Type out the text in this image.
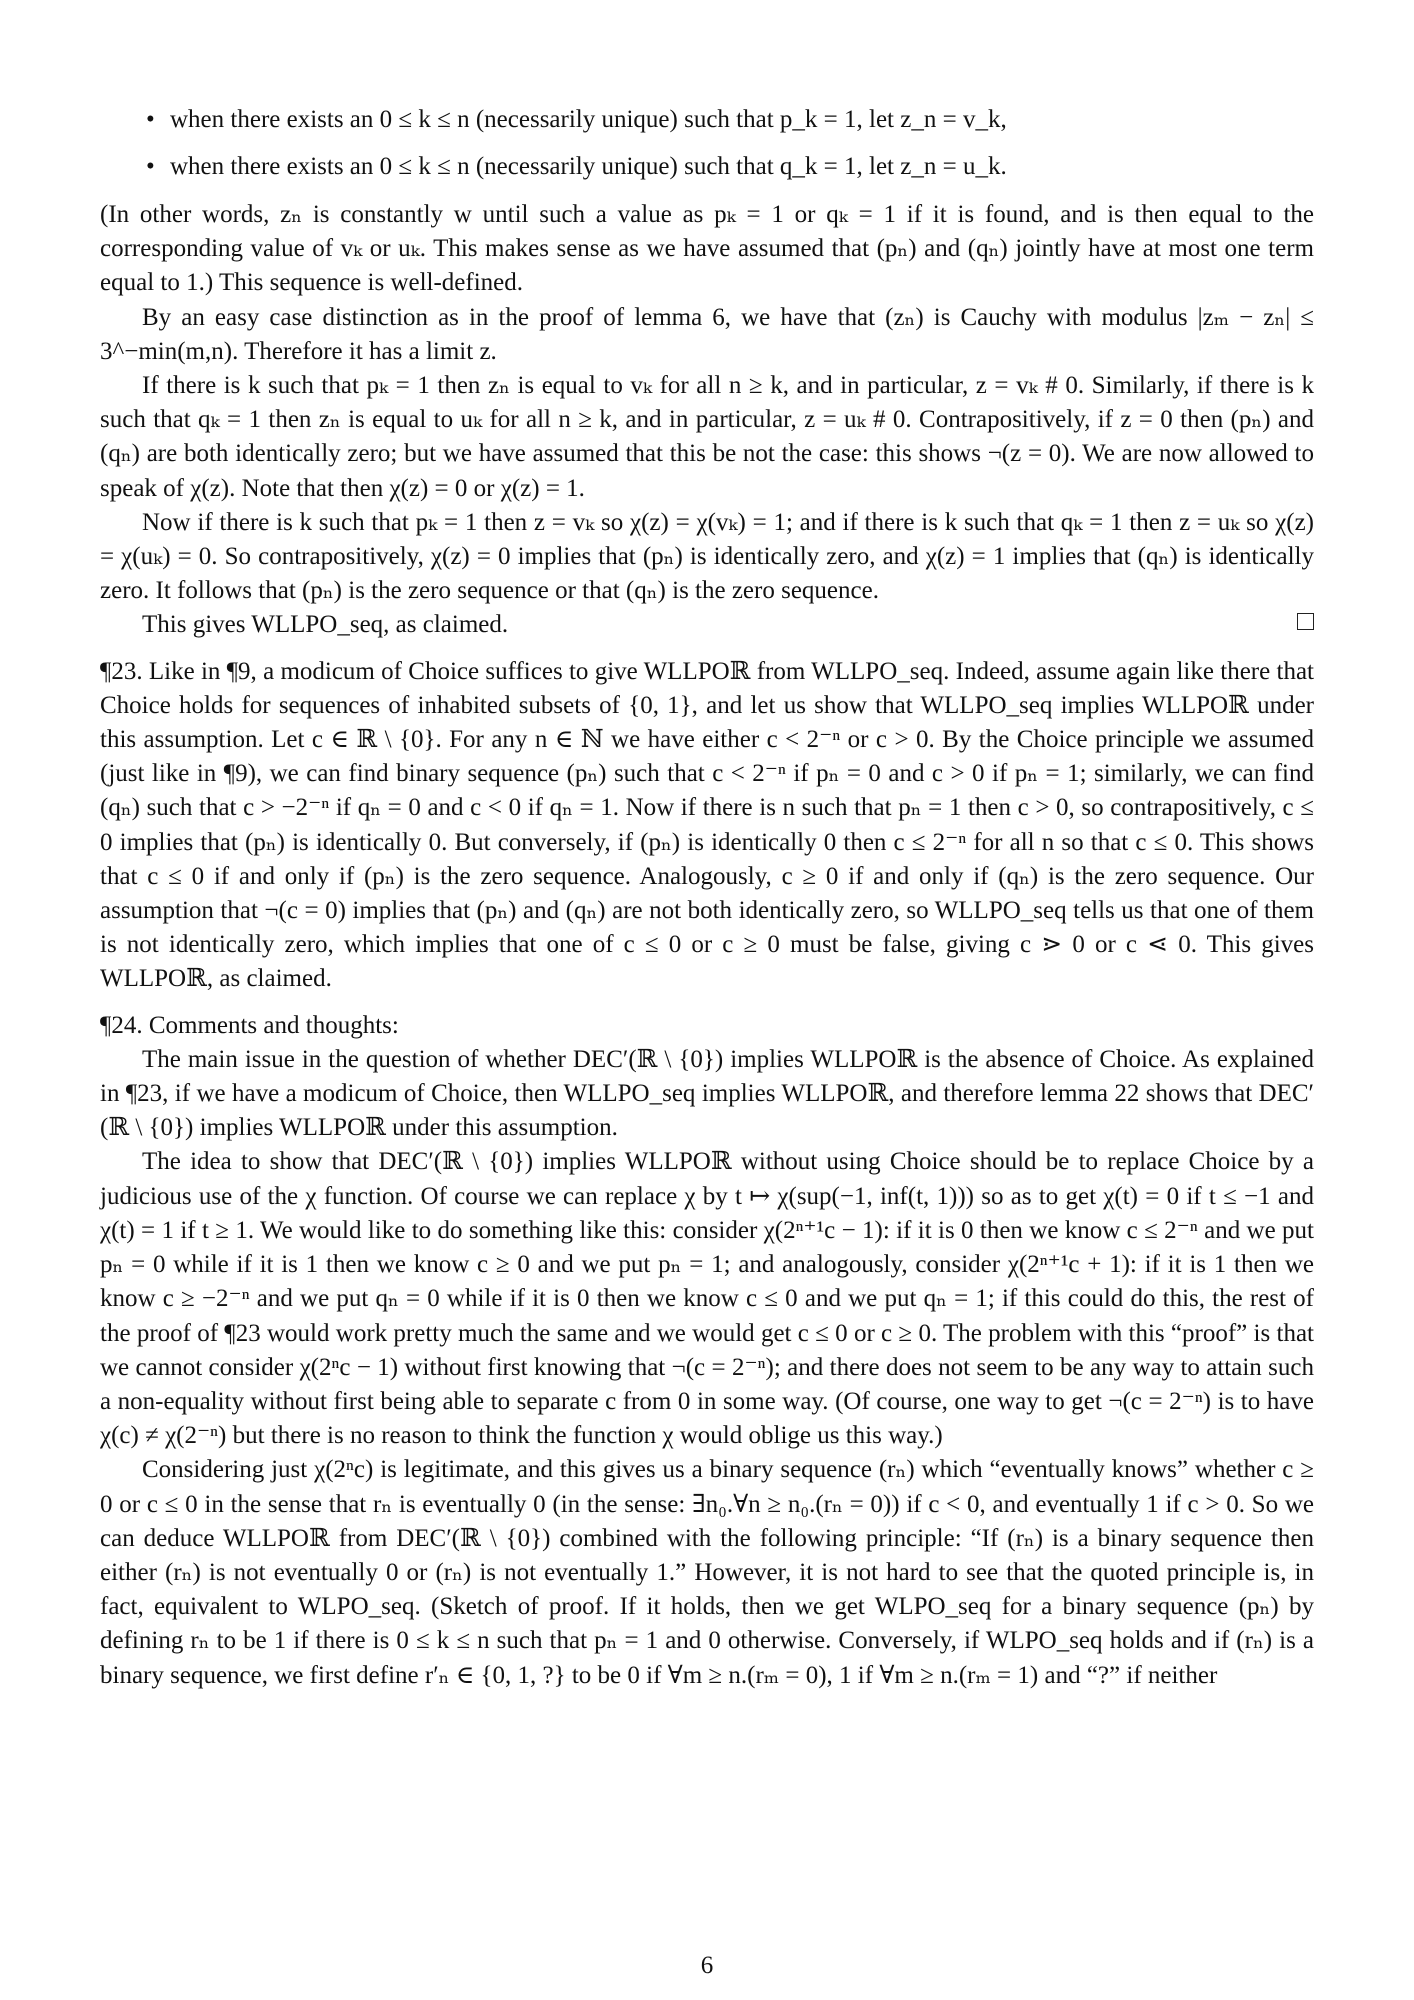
• when there exists an 0 ≤ k ≤ n (necessarily unique) such that p_k = 1, let z_n = v_k,
• when there exists an 0 ≤ k ≤ n (necessarily unique) such that q_k = 1, let z_n = u_k.

(In other words, zₙ is constantly w until such a value as pₖ = 1 or qₖ = 1 if it is found, and is then equal to the corresponding value of vₖ or uₖ. This makes sense as we have assumed that (pₙ) and (qₙ) jointly have at most one term equal to 1.) This sequence is well-defined.

By an easy case distinction as in the proof of lemma 6, we have that (zₙ) is Cauchy with modulus |zₘ − zₙ| ≤ 3^−min(m,n). Therefore it has a limit z.

If there is k such that pₖ = 1 then zₙ is equal to vₖ for all n ≥ k, and in particular, z = vₖ # 0. Similarly, if there is k such that qₖ = 1 then zₙ is equal to uₖ for all n ≥ k, and in particular, z = uₖ # 0. Contrapositively, if z = 0 then (pₙ) and (qₙ) are both identically zero; but we have assumed that this be not the case: this shows ¬(z = 0). We are now allowed to speak of χ(z). Note that then χ(z) = 0 or χ(z) = 1.

Now if there is k such that pₖ = 1 then z = vₖ so χ(z) = χ(vₖ) = 1; and if there is k such that qₖ = 1 then z = uₖ so χ(z) = χ(uₖ) = 0. So contrapositively, χ(z) = 0 implies that (pₙ) is identically zero, and χ(z) = 1 implies that (qₙ) is identically zero. It follows that (pₙ) is the zero sequence or that (qₙ) is the zero sequence.

This gives WLLPO_seq, as claimed.

¶23. Like in ¶9, a modicum of Choice suffices to give WLLPOℝ from WLLPO_seq. Indeed, assume again like there that Choice holds for sequences of inhabited subsets of {0, 1}, and let us show that WLLPO_seq implies WLLPOℝ under this assumption. Let c ∈ ℝ \ {0}. For any n ∈ ℕ we have either c < 2⁻ⁿ or c > 0. By the Choice principle we assumed (just like in ¶9), we can find binary sequence (pₙ) such that c < 2⁻ⁿ if pₙ = 0 and c > 0 if pₙ = 1; similarly, we can find (qₙ) such that c > −2⁻ⁿ if qₙ = 0 and c < 0 if qₙ = 1. Now if there is n such that pₙ = 1 then c > 0, so contrapositively, c ≤ 0 implies that (pₙ) is identically 0. But conversely, if (pₙ) is identically 0 then c ≤ 2⁻ⁿ for all n so that c ≤ 0. This shows that c ≤ 0 if and only if (pₙ) is the zero sequence. Analogously, c ≥ 0 if and only if (qₙ) is the zero sequence. Our assumption that ¬(c = 0) implies that (pₙ) and (qₙ) are not both identically zero, so WLLPO_seq tells us that one of them is not identically zero, which implies that one of c ≤ 0 or c ≥ 0 must be false, giving c ⋗ 0 or c ⋖ 0. This gives WLLPOℝ, as claimed.

¶24. Comments and thoughts:

The main issue in the question of whether DEC′(ℝ \ {0}) implies WLLPOℝ is the absence of Choice. As explained in ¶23, if we have a modicum of Choice, then WLLPO_seq implies WLLPOℝ, and therefore lemma 22 shows that DEC′(ℝ \ {0}) implies WLLPOℝ under this assumption.

The idea to show that DEC′(ℝ \ {0}) implies WLLPOℝ without using Choice should be to replace Choice by a judicious use of the χ function. Of course we can replace χ by t ↦ χ(sup(−1, inf(t, 1))) so as to get χ(t) = 0 if t ≤ −1 and χ(t) = 1 if t ≥ 1. We would like to do something like this: consider χ(2ⁿ⁺¹c − 1): if it is 0 then we know c ≤ 2⁻ⁿ and we put pₙ = 0 while if it is 1 then we know c ≥ 0 and we put pₙ = 1; and analogously, consider χ(2ⁿ⁺¹c + 1): if it is 1 then we know c ≥ −2⁻ⁿ and we put qₙ = 0 while if it is 0 then we know c ≤ 0 and we put qₙ = 1; if this could do this, the rest of the proof of ¶23 would work pretty much the same and we would get c ≤ 0 or c ≥ 0. The problem with this “proof” is that we cannot consider χ(2ⁿc − 1) without first knowing that ¬(c = 2⁻ⁿ); and there does not seem to be any way to attain such a non-equality without first being able to separate c from 0 in some way. (Of course, one way to get ¬(c = 2⁻ⁿ) is to have χ(c) ≠ χ(2⁻ⁿ) but there is no reason to think the function χ would oblige us this way.)

Considering just χ(2ⁿc) is legitimate, and this gives us a binary sequence (rₙ) which “eventually knows” whether c ≥ 0 or c ≤ 0 in the sense that rₙ is eventually 0 (in the sense: ∃n₀.∀n ≥ n₀.(rₙ = 0)) if c < 0, and eventually 1 if c > 0. So we can deduce WLLPOℝ from DEC′(ℝ \ {0}) combined with the following principle: “If (rₙ) is a binary sequence then either (rₙ) is not eventually 0 or (rₙ) is not eventually 1.” However, it is not hard to see that the quoted principle is, in fact, equivalent to WLPO_seq. (Sketch of proof. If it holds, then we get WLPO_seq for a binary sequence (pₙ) by defining rₙ to be 1 if there is 0 ≤ k ≤ n such that pₙ = 1 and 0 otherwise. Conversely, if WLPO_seq holds and if (rₙ) is a binary sequence, we first define r′ₙ ∈ {0, 1, ?} to be 0 if ∀m ≥ n.(rₘ = 0), 1 if ∀m ≥ n.(rₘ = 1) and “?” if neither

6
